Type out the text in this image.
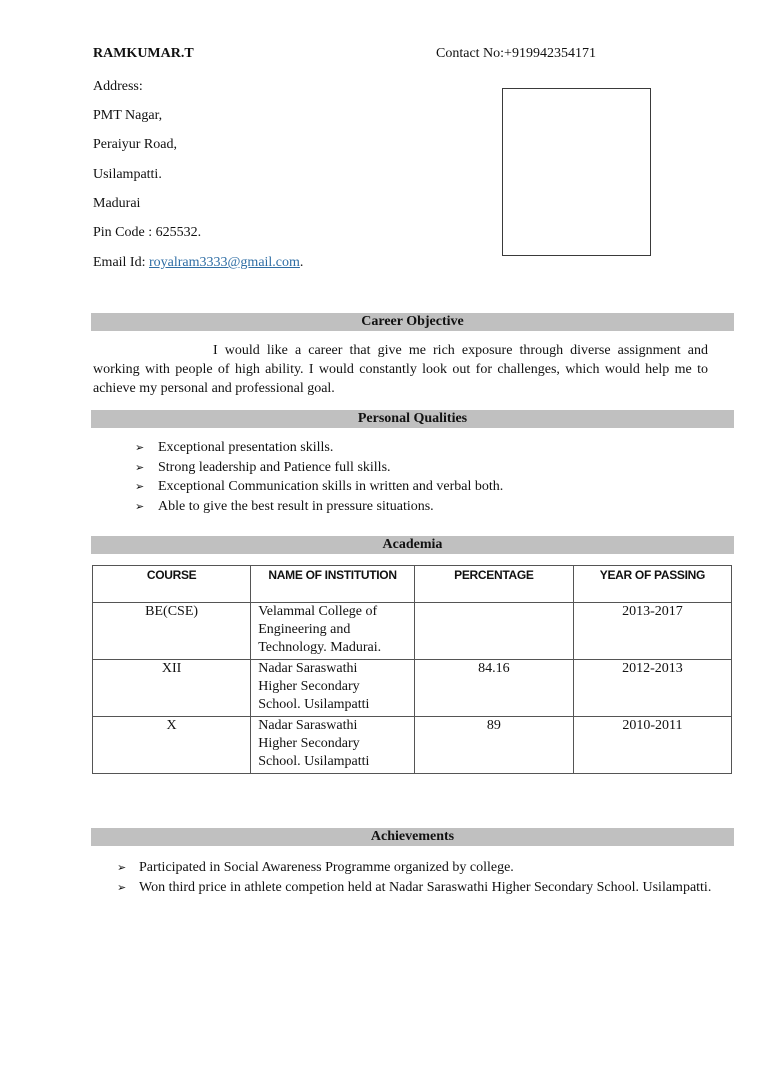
RAMKUMAR.T	Contact No:+919942354171
Address:
PMT Nagar,
Peraiyur Road,
Usilampatti.
Madurai
Pin Code : 625532.
Email Id: royalram3333@gmail.com.
Career Objective
I would like a career that give me rich exposure through diverse assignment and working with people of high ability. I would constantly look out for challenges, which would help me to achieve my personal and professional goal.
Personal Qualities
➢ Exceptional presentation skills.
➢ Strong leadership and Patience full skills.
➢ Exceptional Communication skills in written and verbal both.
➢ Able to give the best result in pressure situations.
Academia
COURSE	NAME OF INSTITUTION	PERCENTAGE	YEAR OF PASSING
BE(CSE)	Velammal College of
Engineering and
Technology. Madurai.		2013-2017
XII	Nadar Saraswathi
Higher Secondary
School. Usilampatti	84.16	2012-2013
X	Nadar Saraswathi
Higher Secondary
School. Usilampatti	89	2010-2011
Achievements
➢ Participated in Social Awareness Programme organized by college.
➢ Won third price in athlete competion held at Nadar Saraswathi Higher Secondary School. Usilampatti.
